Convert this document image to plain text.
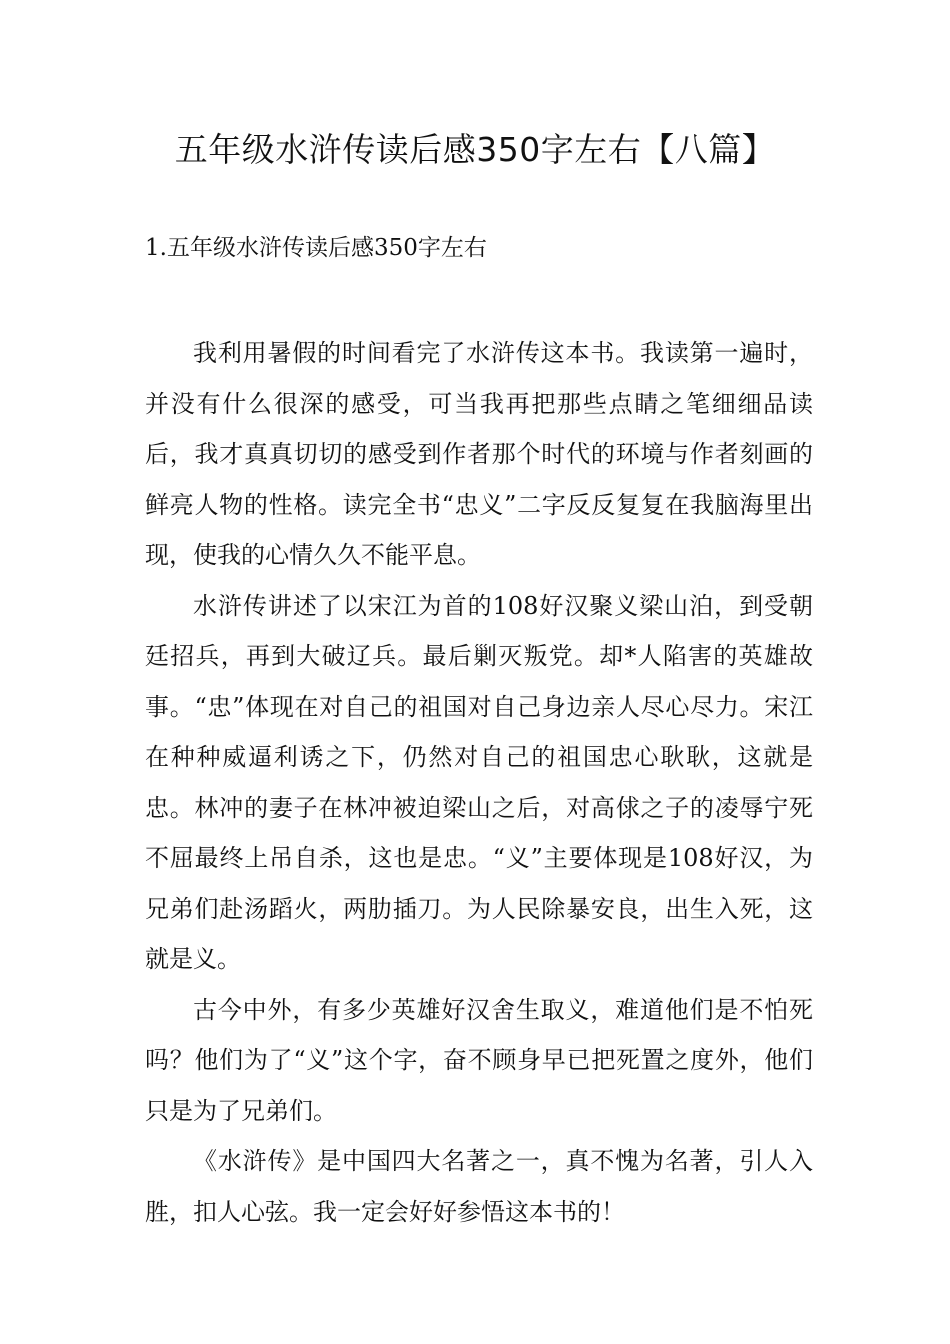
五年级水浒传读后感350字左右【八篇】
1.五年级水浒传读后感350字左右

我利用暑假的时间看完了水浒传这本书。我读第一遍时，并没有什么很深的感受，可当我再把那些点睛之笔细细品读后，我才真真切切的感受到作者那个时代的环境与作者刻画的鲜亮人物的性格。读完全书“忠义”二字反反复复在我脑海里出现，使我的心情久久不能平息。

水浒传讲述了以宋江为首的108好汉聚义梁山泊，到受朝廷招兵，再到大破辽兵。最后剿灭叛党。却*人陷害的英雄故事。“忠”体现在对自己的祖国对自己身边亲人尽心尽力。宋江在种种威逼利诱之下，仍然对自己的祖国忠心耿耿，这就是忠。林冲的妻子在林冲被迫梁山之后，对高俅之子的凌辱宁死不屈最终上吊自杀，这也是忠。“义”主要体现是108好汉，为兄弟们赴汤蹈火，两肋插刀。为人民除暴安良，出生入死，这就是义。

古今中外，有多少英雄好汉舍生取义，难道他们是不怕死吗？他们为了“义”这个字，奋不顾身早已把死置之度外，他们只是为了兄弟们。

《水浒传》是中国四大名著之一，真不愧为名著，引人入胜，扣人心弦。我一定会好好参悟这本书的！
